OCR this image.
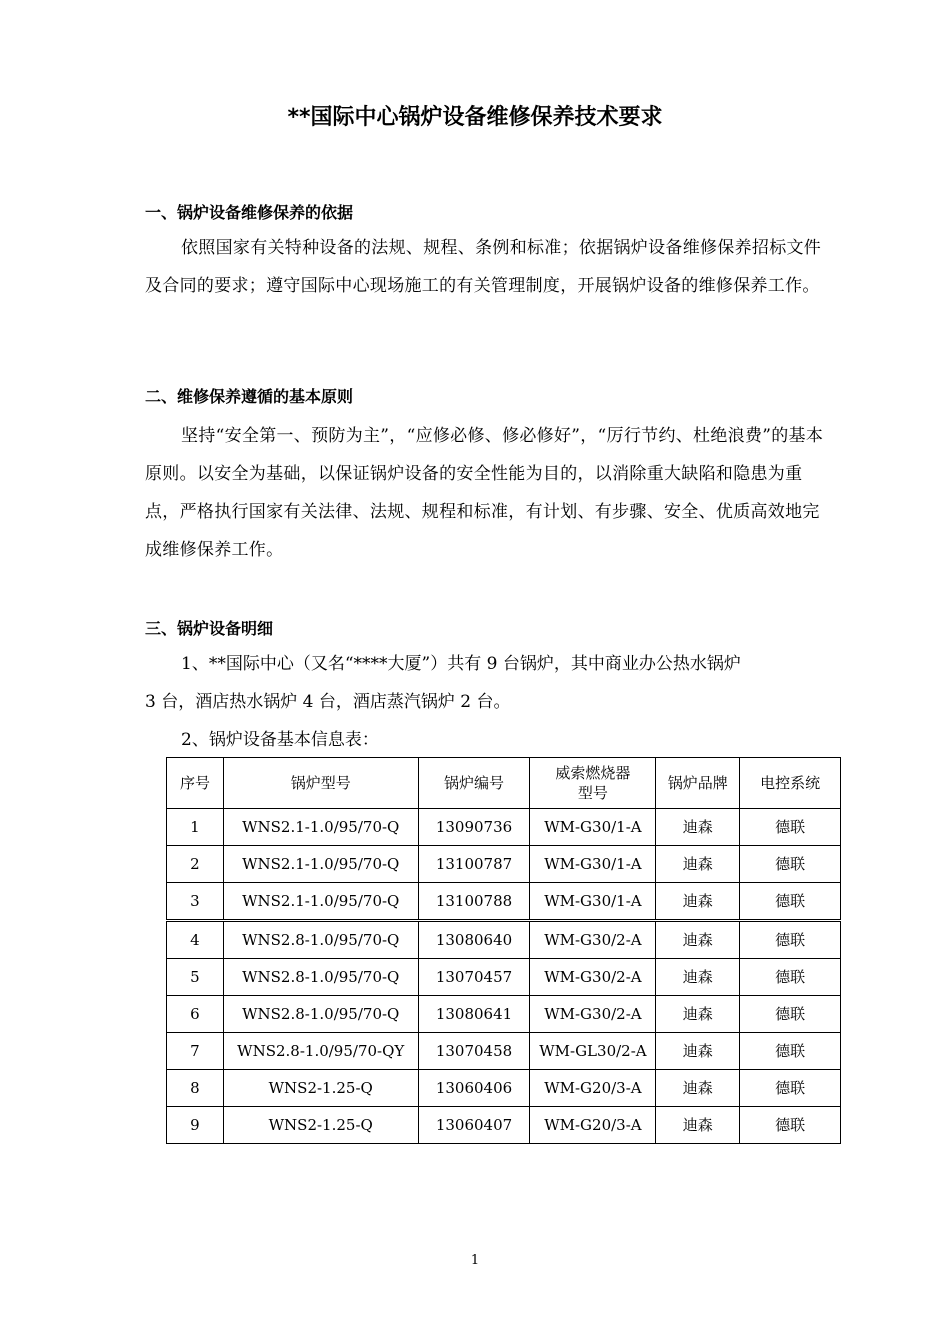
**国际中心锅炉设备维修保养技术要求
一、锅炉设备维修保养的依据
依照国家有关特种设备的法规、规程、条例和标准；依据锅炉设备维修保养招标文件及合同的要求；遵守国际中心现场施工的有关管理制度，开展锅炉设备的维修保养工作。
二、维修保养遵循的基本原则
坚持“安全第一、预防为主”，“应修必修、修必修好”，“厉行节约、杜绝浪费”的基本原则。以安全为基础，以保证锅炉设备的安全性能为目的，以消除重大缺陷和隐患为重点，严格执行国家有关法律、法规、规程和标准，有计划、有步骤、安全、优质高效地完成维修保养工作。
三、锅炉设备明细
1、**国际中心（又名“****大厦”）共有 9 台锅炉，其中商业办公热水锅炉
3 台，酒店热水锅炉 4 台，酒店蒸汽锅炉 2 台。
2、锅炉设备基本信息表：
序号	锅炉型号	锅炉编号	威索燃烧器型号	锅炉品牌	电控系统
1	WNS2.1-1.0/95/70-Q	13090736	WM-G30/1-A	迪森	德联
2	WNS2.1-1.0/95/70-Q	13100787	WM-G30/1-A	迪森	德联
3	WNS2.1-1.0/95/70-Q	13100788	WM-G30/1-A	迪森	德联
4	WNS2.8-1.0/95/70-Q	13080640	WM-G30/2-A	迪森	德联
5	WNS2.8-1.0/95/70-Q	13070457	WM-G30/2-A	迪森	德联
6	WNS2.8-1.0/95/70-Q	13080641	WM-G30/2-A	迪森	德联
7	WNS2.8-1.0/95/70-QY	13070458	WM-GL30/2-A	迪森	德联
8	WNS2-1.25-Q	13060406	WM-G20/3-A	迪森	德联
9	WNS2-1.25-Q	13060407	WM-G20/3-A	迪森	德联
1
